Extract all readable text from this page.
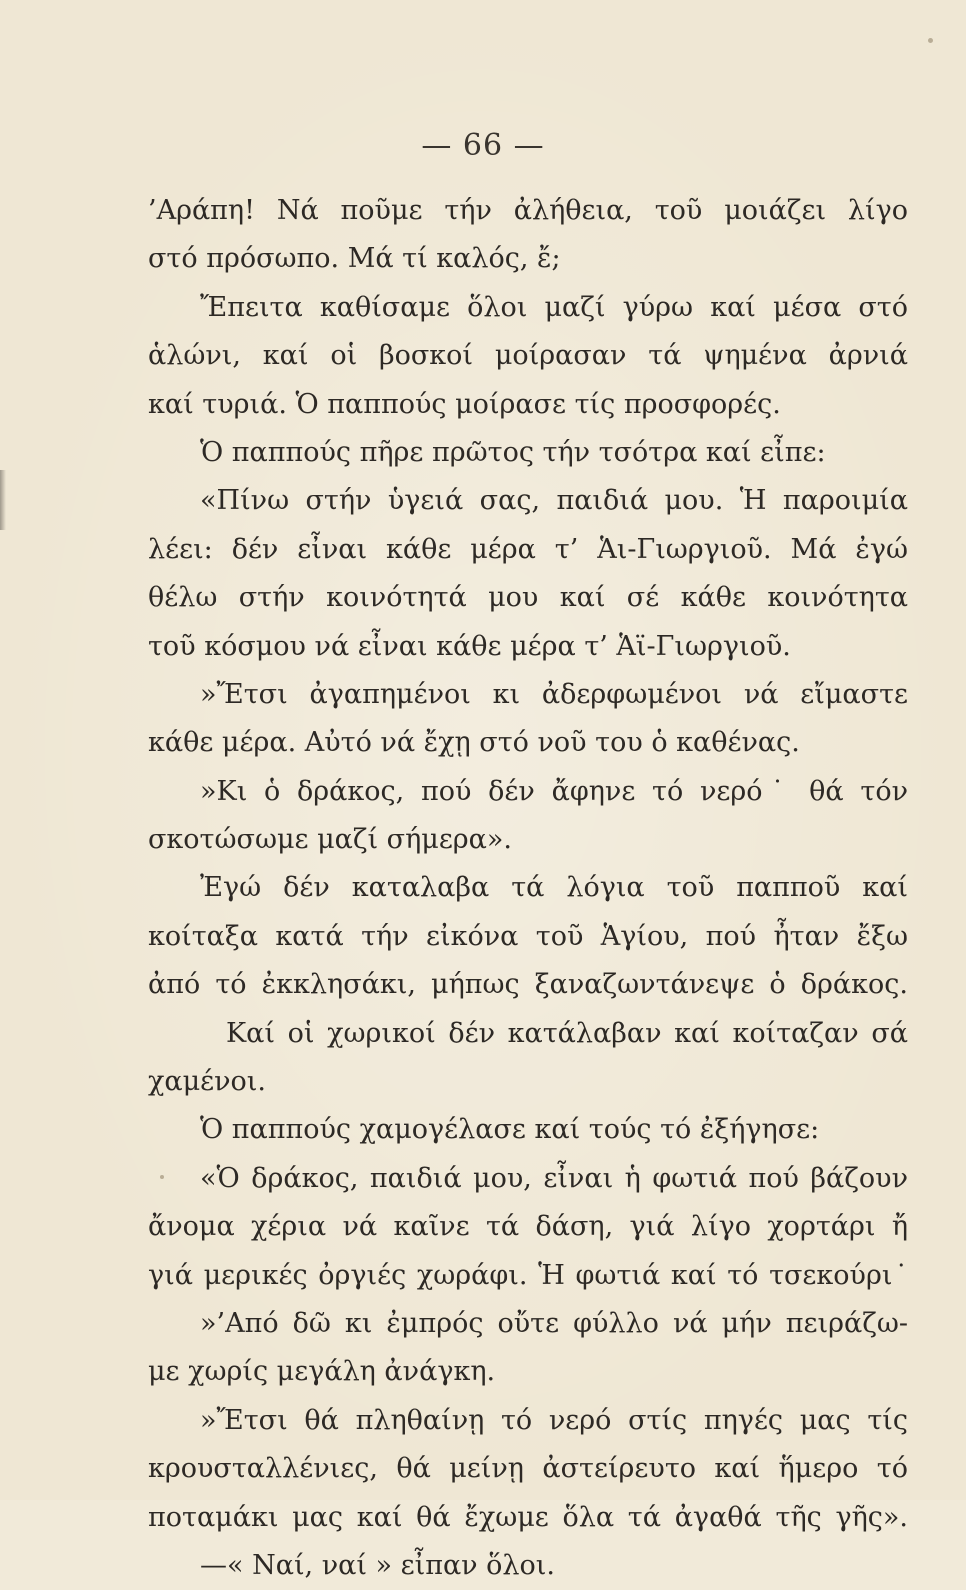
— 66 —
’Αράπη! Νά ποῦμε τήν ἀλήθεια, τοῦ μοιάζει λίγο
στό πρόσωπο. Μά τί καλός, ἔ;
Ἔπειτα καθίσαμε ὅλοι μαζί γύρω καί μέσα στό
ἁλώνι, καί οἱ βοσκοί μοίρασαν τά ψημένα ἀρνιά
καί τυριά. Ὁ παππούς μοίρασε τίς προσφορές.
Ὁ παππούς πῆρε πρῶτος τήν τσότρα καί εἶπε:
«Πίνω στήν ὑγειά σας, παιδιά μου. Ἡ παροιμία
λέει: δέν εἶναι κάθε μέρα τ’ Ἁι-Γιωργιοῦ. Μά ἐγώ
θέλω στήν κοινότητά μου καί σέ κάθε κοινότητα
τοῦ κόσμου νά εἶναι κάθε μέρα τ’ Ἁϊ-Γιωργιοῦ.
»Ἔτσι ἀγαπημένοι κι ἀδερφωμένοι νά εἴμαστε
κάθε μέρα. Αὐτό νά ἔχῃ στό νοῦ του ὁ καθένας.
»Κι ὁ δράκος, πού δέν ἄφηνε τό νερό˙ θά τόν
σκοτώσωμε μαζί σήμερα».
Ἐγώ δέν καταλαβα τά λόγια τοῦ παπποῦ καί
κοίταξα κατά τήν εἰκόνα τοῦ Ἁγίου, πού ἦταν ἔξω
ἀπό τό ἐκκλησάκι, μήπως ξαναζωντάνεψε ὁ δράκος.
Καί οἱ χωρικοί δέν κατάλαβαν καί κοίταζαν σά
χαμένοι.
Ὁ παππούς χαμογέλασε καί τούς τό ἐξήγησε:
«Ὁ δράκος, παιδιά μου, εἶναι ἡ φωτιά πού βάζουν
ἄνομα χέρια νά καῖνε τά δάση, γιά λίγο χορτάρι ἤ
γιά μερικές ὀργιές χωράφι. Ἡ φωτιά καί τό τσεκούρι˙
»’Από δῶ κι ἐμπρός οὔτε φύλλο νά μήν πειράζω-
με χωρίς μεγάλη ἀνάγκη.
»Ἔτσι θά πληθαίνῃ τό νερό στίς πηγές μας τίς
κρουσταλλένιες, θά μείνῃ ἀστείρευτο καί ἥμερο τό
ποταμάκι μας καί θά ἔχωμε ὅλα τά ἀγαθά τῆς γῆς».
—« Ναί, ναί » εἶπαν ὅλοι.
